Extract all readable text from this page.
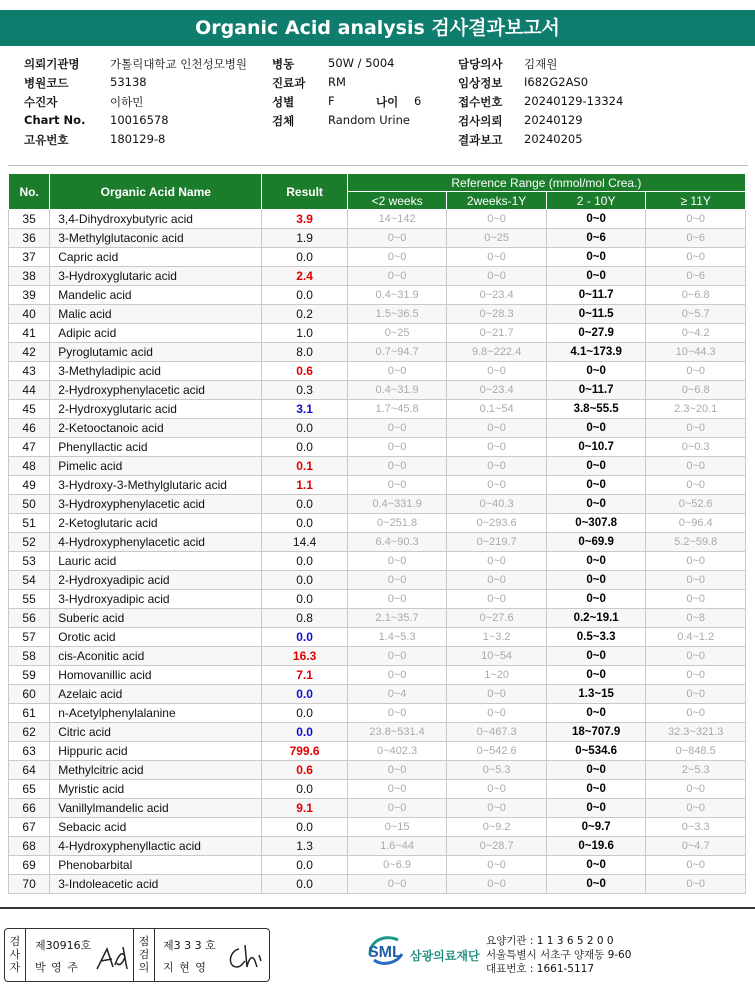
Organic Acid analysis 검사결과보고서
의뢰기관명	가톨릭대학교 인천성모병원 병동	50W / 5004	담당의사 김재원
병원코드	53138	진료과 RM	임상정보 I682G2AS0
수진자	이하민	성별	F	나이 6	접수번호 20240129-13324
Chart No. 10016578	검체	Random Urine	검사의뢰 20240129
고유번호	180129-8	결과보고 20240205
No.	Organic Acid Name	Result	Reference Range (mmol/mol Crea.)			
			<2 weeks	2weeks-1Y	2 - 10Y	≥ 11Y
35	3,4-Dihydroxybutyric acid	3.9	14~142	0~0	0~0	0~0
36	3-Methylglutaconic acid	1.9	0~0	0~25	0~6	0~6
37	Capric acid	0.0	0~0	0~0	0~0	0~0
38	3-Hydroxyglutaric acid	2.4	0~0	0~0	0~0	0~6
39	Mandelic acid	0.0	0.4~31.9	0~23.4	0~11.7	0~6.8
40	Malic acid	0.2	1.5~36.5	0~28.3	0~11.5	0~5.7
41	Adipic acid	1.0	0~25	0~21.7	0~27.9	0~4.2
42	Pyroglutamic acid	8.0	0.7~94.7	9.8~222.4	4.1~173.9	10~44.3
43	3-Methyladipic acid	0.6	0~0	0~0	0~0	0~0
44	2-Hydroxyphenylacetic acid	0.3	0.4~31.9	0~23.4	0~11.7	0~6.8
45	2-Hydroxyglutaric acid	3.1	1.7~45.8	0.1~54	3.8~55.5	2.3~20.1
46	2-Ketooctanoic acid	0.0	0~0	0~0	0~0	0~0
47	Phenyllactic acid	0.0	0~0	0~0	0~10.7	0~0.3
48	Pimelic acid	0.1	0~0	0~0	0~0	0~0
49	3-Hydroxy-3-Methylglutaric acid	1.1	0~0	0~0	0~0	0~0
50	3-Hydroxyphenylacetic acid	0.0	0.4~331.9	0~40.3	0~0	0~52.6
51	2-Ketoglutaric acid	0.0	0~251.8	0~293.6	0~307.8	0~96.4
52	4-Hydroxyphenylacetic acid	14.4	6.4~90.3	0~219.7	0~69.9	5.2~59.8
53	Lauric acid	0.0	0~0	0~0	0~0	0~0
54	2-Hydroxyadipic acid	0.0	0~0	0~0	0~0	0~0
55	3-Hydroxyadipic acid	0.0	0~0	0~0	0~0	0~0
56	Suberic acid	0.8	2.1~35.7	0~27.6	0.2~19.1	0~8
57	Orotic acid	0.0	1.4~5.3	1~3.2	0.5~3.3	0.4~1.2
58	cis-Aconitic acid	16.3	0~0	10~54	0~0	0~0
59	Homovanillic acid	7.1	0~0	1~20	0~0	0~0
60	Azelaic acid	0.0	0~4	0~0	1.3~15	0~0
61	n-Acetylphenylalanine	0.0	0~0	0~0	0~0	0~0
62	Citric acid	0.0	23.8~531.4	0~467.3	18~707.9	32.3~321.3
63	Hippuric acid	799.6	0~402.3	0~542.6	0~534.6	0~848.5
64	Methylcitric acid	0.6	0~0	0~5.3	0~0	2~5.3
65	Myristic acid	0.0	0~0	0~0	0~0	0~0
66	Vanillylmandelic acid	9.1	0~0	0~0	0~0	0~0
67	Sebacic acid	0.0	0~15	0~9.2	0~9.7	0~3.3
68	4-Hydroxyphenyllactic acid	1.3	1.6~44	0~28.7	0~19.6	0~4.7
69	Phenobarbital	0.0	0~6.9	0~0	0~0	0~0
70	3-Indoleacetic acid	0.0	0~0	0~0	0~0	0~0
검사자
제30916호
박 영 주
점검의
제3 3 3 호
지 현 영
SML 삼광의료재단
요양기관 : 1 1 3 6 5 2 0 0
서울특별시 서초구 양재동 9-60
대표번호 : 1661-5117
